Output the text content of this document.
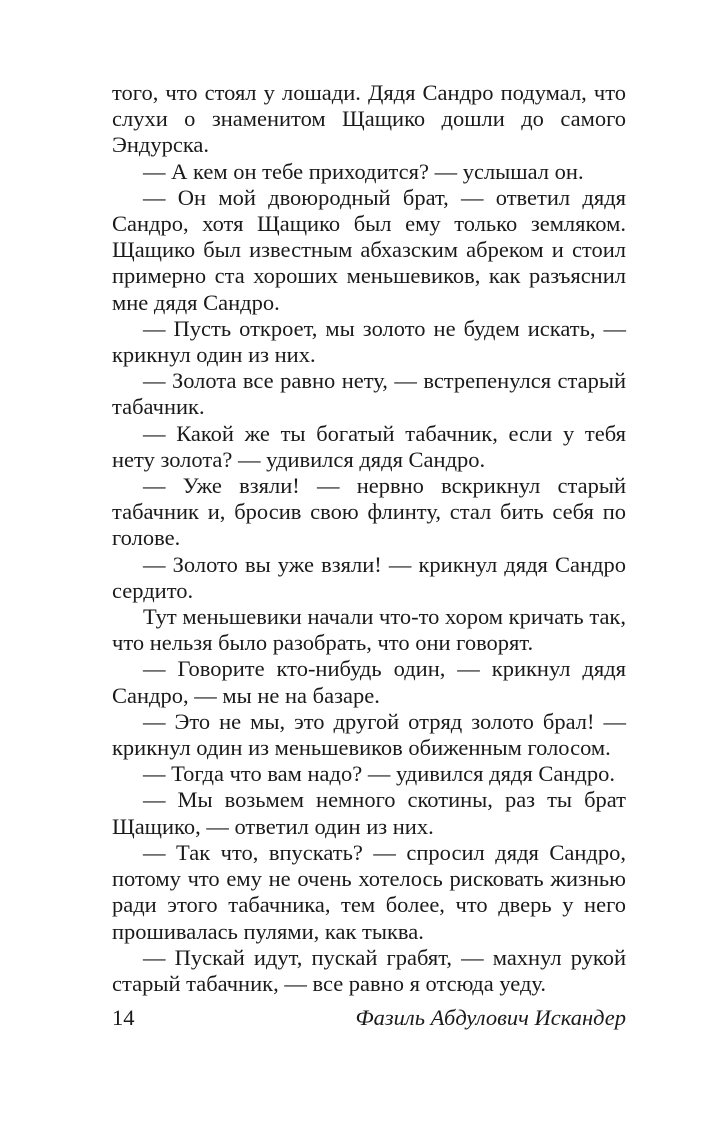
того, что стоял у лошади. Дядя Сандро подумал, что слухи о знаменитом Щащико дошли до самого Эндурска.

— А кем он тебе приходится? — услышал он.

— Он мой двоюродный брат, — ответил дядя Сандро, хотя Щащико был ему только земляком. Щащико был известным абхазским абреком и стоил примерно ста хороших меньшевиков, как разъяснил мне дядя Сандро.

— Пусть откроет, мы золото не будем искать, — крикнул один из них.

— Золота все равно нету, — встрепенулся старый табачник.

— Какой же ты богатый табачник, если у тебя нету золота? — удивился дядя Сандро.

— Уже взяли! — нервно вскрикнул старый табачник и, бросив свою флинту, стал бить себя по голове.

— Золото вы уже взяли! — крикнул дядя Сандро сердито.

Тут меньшевики начали что-то хором кричать так, что нельзя было разобрать, что они говорят.

— Говорите кто-нибудь один, — крикнул дядя Сандро, — мы не на базаре.

— Это не мы, это другой отряд золото брал! — крикнул один из меньшевиков обиженным голосом.

— Тогда что вам надо? — удивился дядя Сандро.

— Мы возьмем немного скотины, раз ты брат Щащико, — ответил один из них.

— Так что, впускать? — спросил дядя Сандро, потому что ему не очень хотелось рисковать жизнью ради этого табачника, тем более, что дверь у него прошивалась пулями, как тыква.

— Пускай идут, пускай грабят, — махнул рукой старый табачник, — все равно я отсюда уеду.

14	Фазиль Абдулович Искандер
